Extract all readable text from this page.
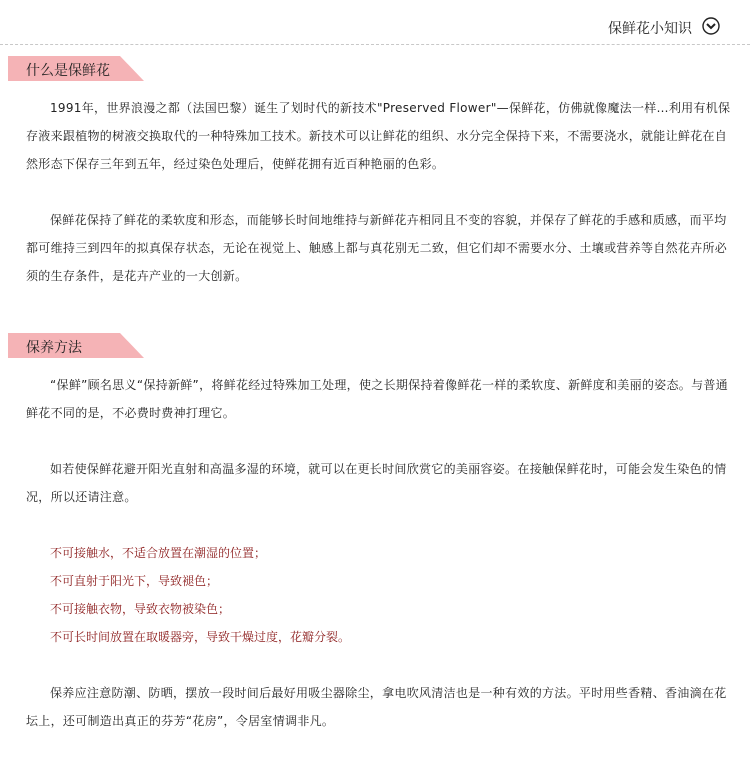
保鲜花小知识
什么是保鲜花

1991年，世界浪漫之都（法国巴黎）诞生了划时代的新技术"Preserved Flower"—保鲜花，仿佛就像魔法一样…利用有机保存液来跟植物的树液交换取代的一种特殊加工技术。新技术可以让鲜花的组织、水分完全保持下来，不需要浇水，就能让鲜花在自然形态下保存三年到五年，经过染色处理后，使鲜花拥有近百种艳丽的色彩。

保鲜花保持了鲜花的柔软度和形态，而能够长时间地维持与新鲜花卉相同且不变的容貌，并保存了鲜花的手感和质感，而平均都可维持三到四年的拟真保存状态，无论在视觉上、触感上都与真花别无二致，但它们却不需要水分、土壤或营养等自然花卉所必须的生存条件，是花卉产业的一大创新。

保养方法

“保鲜”顾名思义“保持新鲜”，将鲜花经过特殊加工处理，使之长期保持着像鲜花一样的柔软度、新鲜度和美丽的姿态。与普通鲜花不同的是，不必费时费神打理它。

如若使保鲜花避开阳光直射和高温多湿的环境，就可以在更长时间欣赏它的美丽容姿。在接触保鲜花时，可能会发生染色的情况，所以还请注意。

不可接触水，不适合放置在潮湿的位置；

不可直射于阳光下，导致褪色；

不可接触衣物，导致衣物被染色；

不可长时间放置在取暖器旁，导致干燥过度，花瓣分裂。

保养应注意防潮、防晒，摆放一段时间后最好用吸尘器除尘，拿电吹风清洁也是一种有效的方法。平时用些香精、香油滴在花坛上，还可制造出真正的芬芳“花房”，令居室情调非凡。
